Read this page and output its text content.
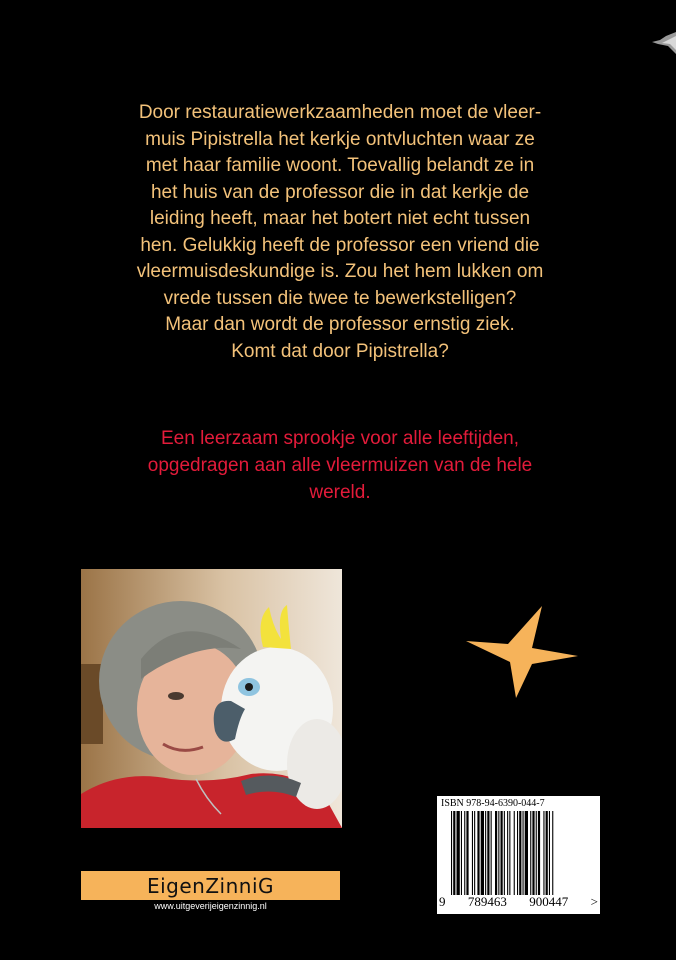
Door restauratiewerkzaamheden moet de vleer-
muis Pipistrella het kerkje ontvluchten waar ze
met haar familie woont. Toevallig belandt ze in
het huis van de professor die in dat kerkje de
leiding heeft, maar het botert niet echt tussen
hen. Gelukkig heeft de professor een vriend die
vleermuisdeskundige is. Zou het hem lukken om
vrede tussen die twee te bewerkstelligen?
Maar dan wordt de professor ernstig ziek.
Komt dat door Pipistrella?
Een leerzaam sprookje voor alle leeftijden,
opgedragen aan alle vleermuizen van de hele
wereld.
ISBN 978-94-6390-044-7
9 789463 900447 >
EigenZinniG
www.uitgeverijeigenzinnig.nl
